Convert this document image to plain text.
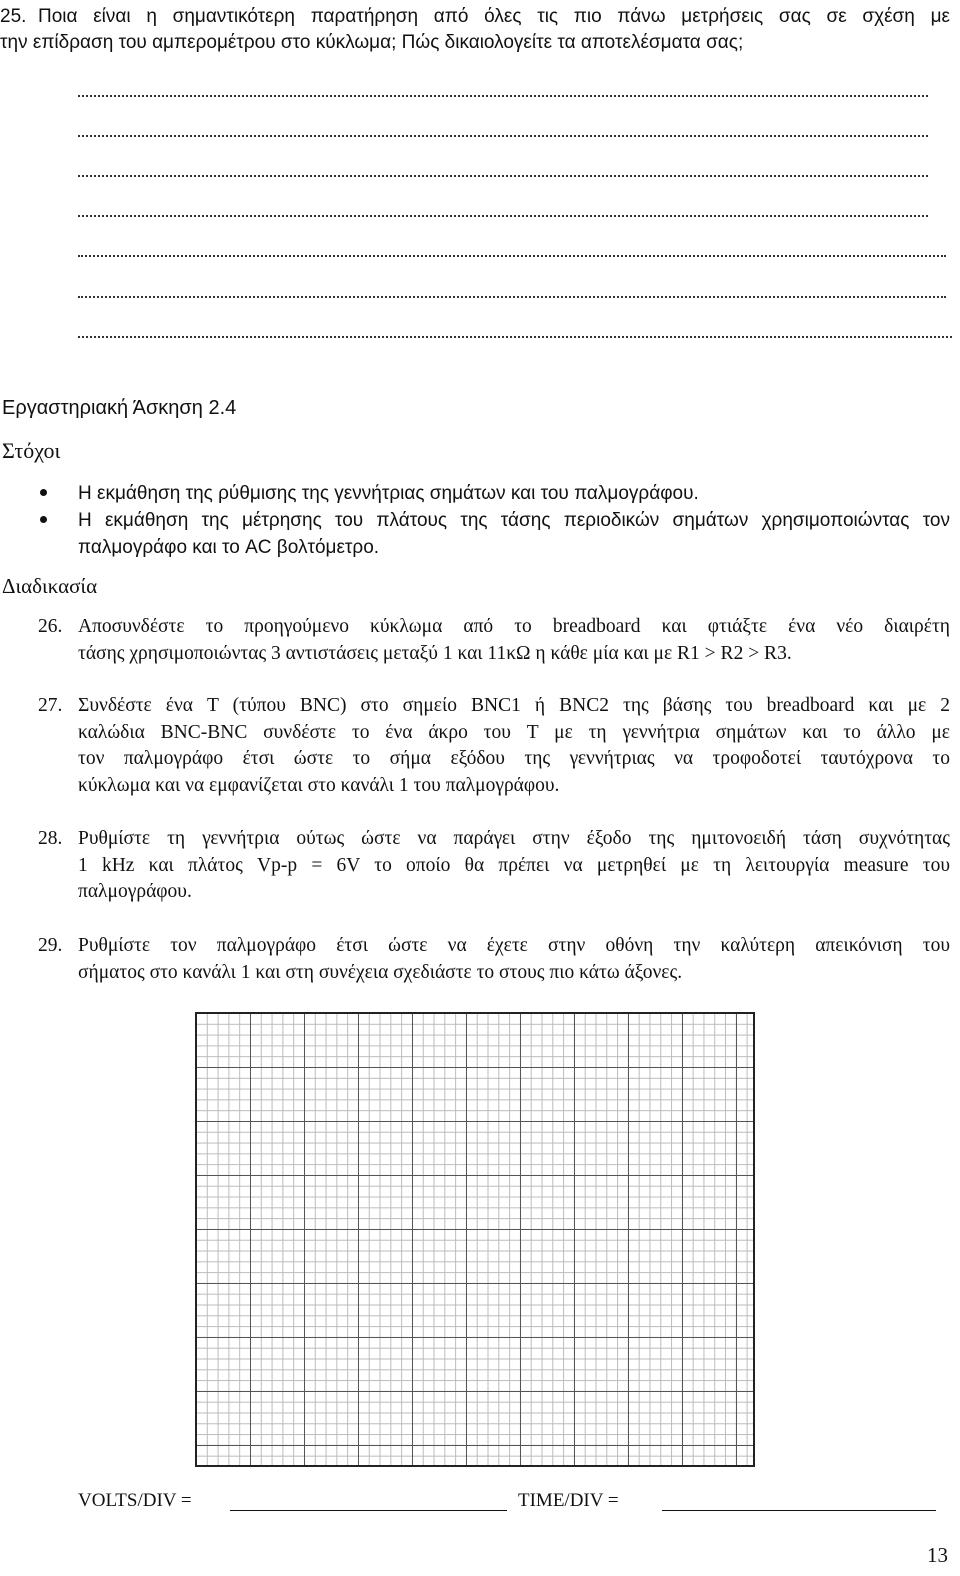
25. Ποια είναι η σημαντικότερη παρατήρηση από όλες τις πιο πάνω μετρήσεις σας σε σχέση με
την επίδραση του αμπερομέτρου στο κύκλωμα; Πώς δικαιολογείτε τα αποτελέσματα σας;
Εργαστηριακή Άσκηση 2.4
Στόχοι
Η εκμάθηση της ρύθμισης της γεννήτριας σημάτων και του παλμογράφου.
Η εκμάθηση της μέτρησης του πλάτους της τάσης περιοδικών σημάτων χρησιμοποιώντας τον
παλμογράφο και το AC βολτόμετρο.
Διαδικασία
26. Αποσυνδέστε το προηγούμενο κύκλωμα από το breadboard και φτιάξτε ένα νέο διαιρέτη
τάσης χρησιμοποιώντας 3 αντιστάσεις μεταξύ 1 και 11κΩ η κάθε μία και με R1 > R2 > R3.
27. Συνδέστε ένα T (τύπου BNC) στο σημείο BNC1 ή BNC2 της βάσης του breadboard και με 2
καλώδια BNC-BNC συνδέστε το ένα άκρο του T με τη γεννήτρια σημάτων και το άλλο με
τον παλμογράφο έτσι ώστε το σήμα εξόδου της γεννήτριας να τροφοδοτεί ταυτόχρονα το
κύκλωμα και να εμφανίζεται στο κανάλι 1 του παλμογράφου.
28. Ρυθμίστε τη γεννήτρια ούτως ώστε να παράγει στην έξοδο της ημιτονοειδή τάση συχνότητας
1 kHz και πλάτος Vp-p = 6V το οποίο θα πρέπει να μετρηθεί με τη λειτουργία measure του
παλμογράφου.
29. Ρυθμίστε τον παλμογράφο έτσι ώστε να έχετε στην οθόνη την καλύτερη απεικόνιση του
σήματος στο κανάλι 1 και στη συνέχεια σχεδιάστε το στους πιο κάτω άξονες.
VOLTS/DIV =	TIME/DIV =
13
